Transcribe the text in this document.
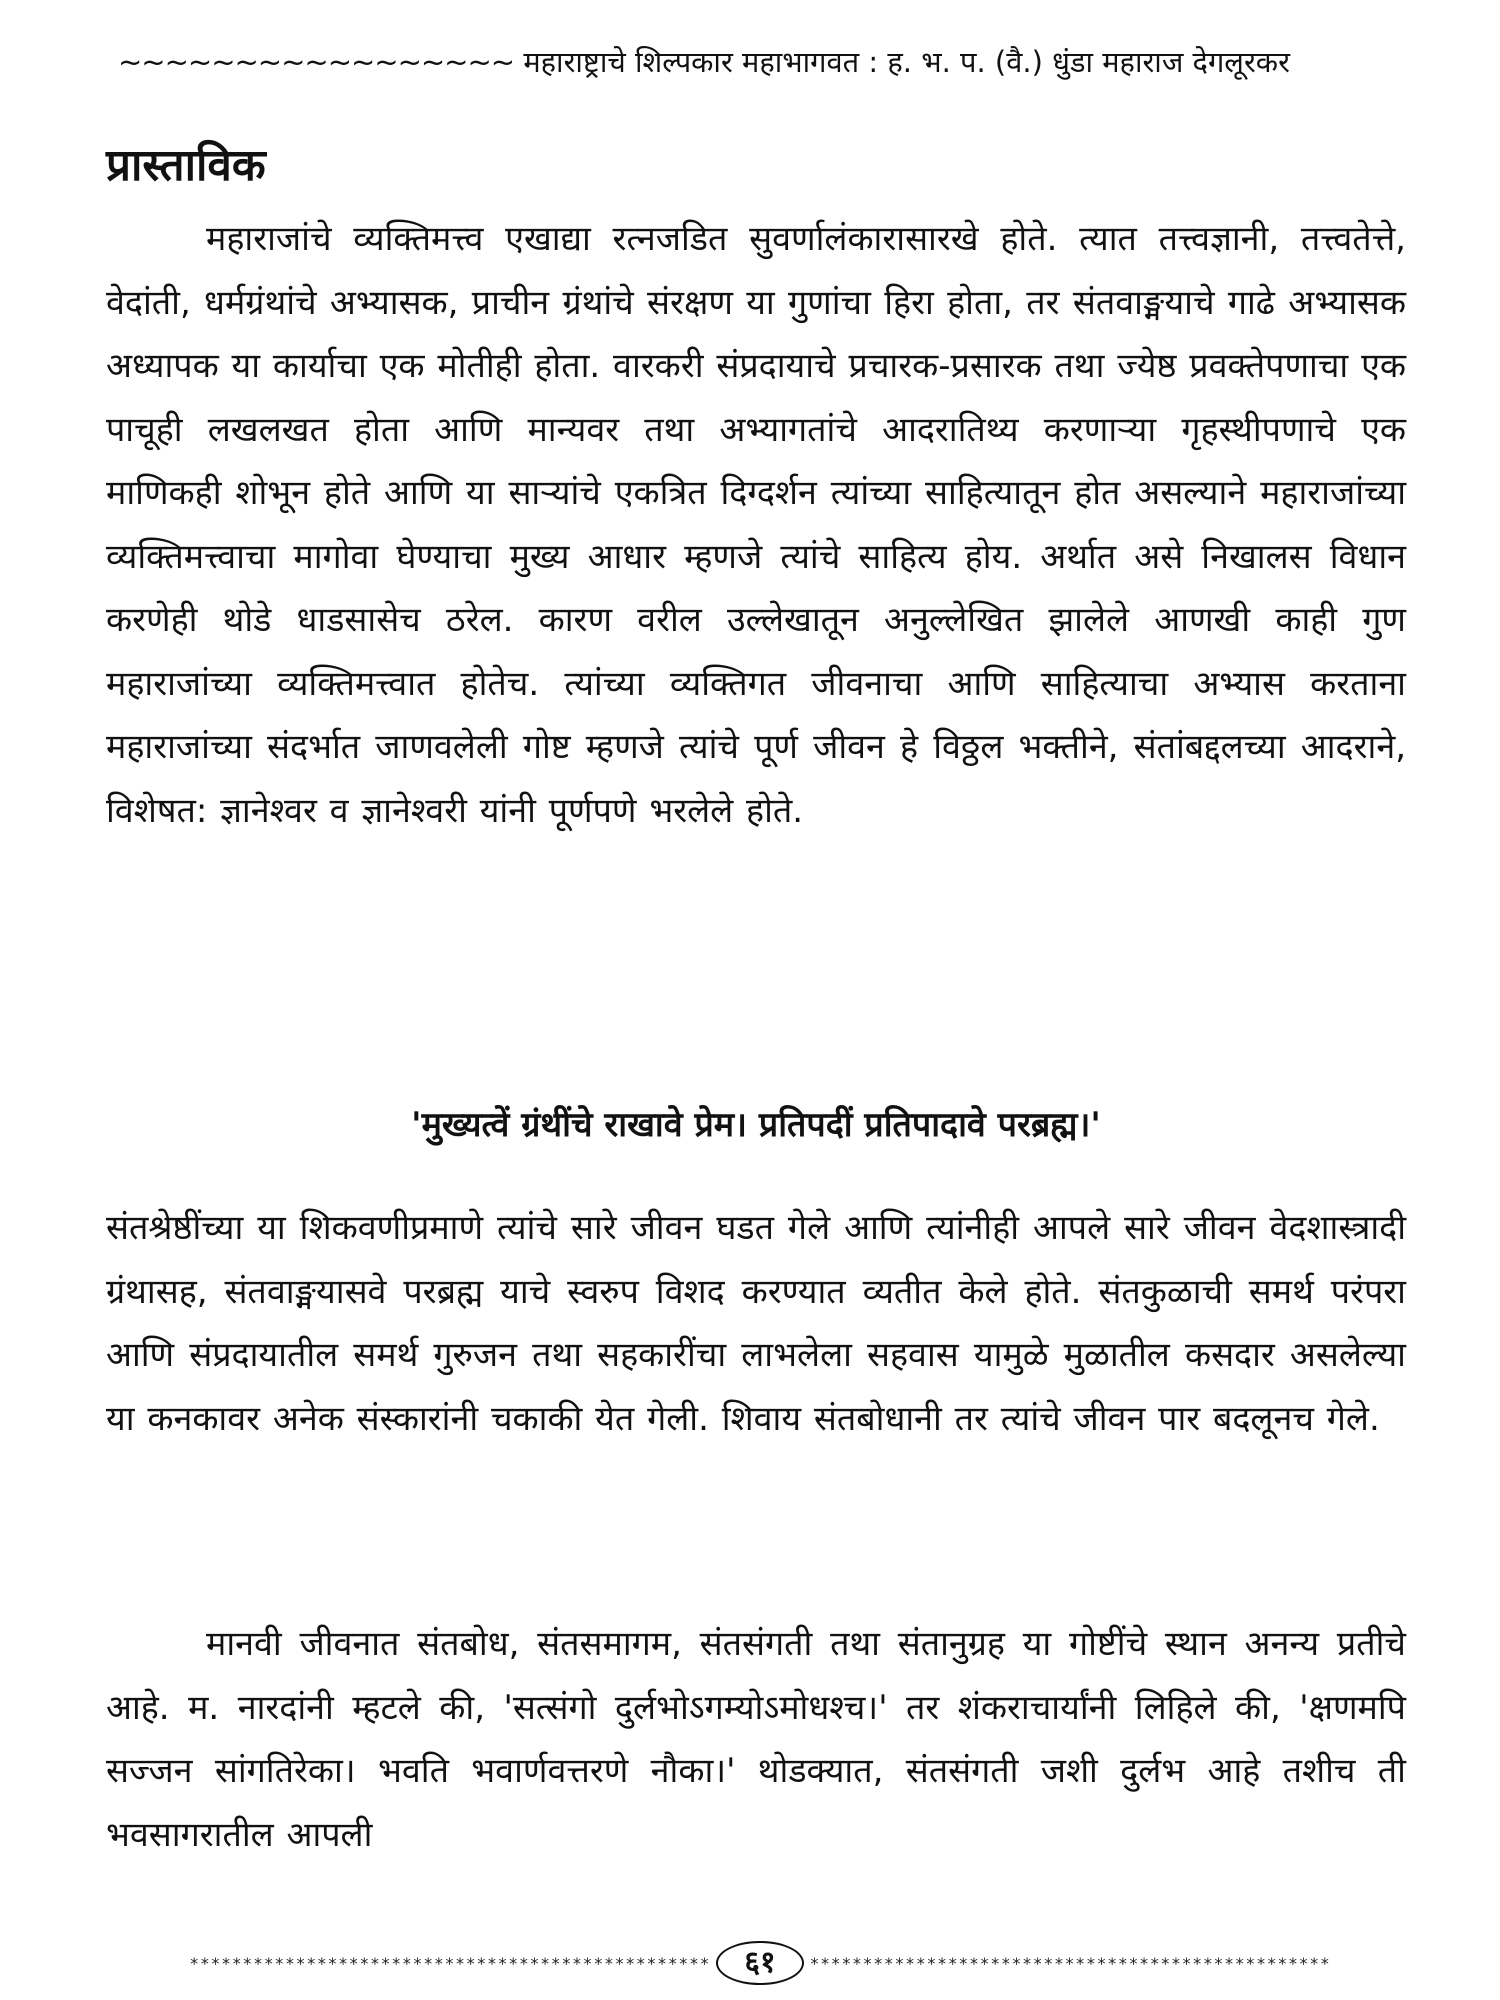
~~~~~~~~~~~~~~~~~ महाराष्ट्राचे शिल्पकार महाभागवत : ह. भ. प. (वै.) धुंडा महाराज देगलूरकर
प्रास्ताविक

महाराजांचे व्यक्तिमत्त्व एखाद्या रत्नजडित सुवर्णालंकारासारखे होते. त्यात तत्त्वज्ञानी, तत्त्वतेत्ते, वेदांती, धर्मग्रंथांचे अभ्यासक, प्राचीन ग्रंथांचे संरक्षण या गुणांचा हिरा होता, तर संतवाङ्मयाचे गाढे अभ्यासक अध्यापक या कार्याचा एक मोतीही होता. वारकरी संप्रदायाचे प्रचारक-प्रसारक तथा ज्येष्ठ प्रवक्तेपणाचा एक पाचूही लखलखत होता आणि मान्यवर तथा अभ्यागतांचे आदरातिथ्य करणाऱ्या गृहस्थीपणाचे एक माणिकही शोभून होते आणि या साऱ्यांचे एकत्रित दिग्दर्शन त्यांच्या साहित्यातून होत असल्याने महाराजांच्या व्यक्तिमत्त्वाचा मागोवा घेण्याचा मुख्य आधार म्हणजे त्यांचे साहित्य होय. अर्थात असे निखालस विधान करणेही थोडे धाडसासेच ठरेल. कारण वरील उल्लेखातून अनुल्लेखित झालेले आणखी काही गुण महाराजांच्या व्यक्तिमत्त्वात होतेच. त्यांच्या व्यक्तिगत जीवनाचा आणि साहित्याचा अभ्यास करताना महाराजांच्या संदर्भात जाणवलेली गोष्ट म्हणजे त्यांचे पूर्ण जीवन हे विठ्ठल भक्तीने, संतांबद्दलच्या आदराने, विशेषत: ज्ञानेश्वर व ज्ञानेश्वरी यांनी पूर्णपणे भरलेले होते.

'मुख्यत्वें ग्रंथींचे राखावे प्रेम। प्रतिपदीं प्रतिपादावे परब्रह्म।'

संतश्रेष्ठींच्या या शिकवणीप्रमाणे त्यांचे सारे जीवन घडत गेले आणि त्यांनीही आपले सारे जीवन वेदशास्त्रादी ग्रंथासह, संतवाङ्मयासवे परब्रह्म याचे स्वरुप विशद करण्यात व्यतीत केले होते. संतकुळाची समर्थ परंपरा आणि संप्रदायातील समर्थ गुरुजन तथा सहकारींचा लाभलेला सहवास यामुळे मुळातील कसदार असलेल्या या कनकावर अनेक संस्कारांनी चकाकी येत गेली. शिवाय संतबोधानी तर त्यांचे जीवन पार बदलूनच गेले.

मानवी जीवनात संतबोध, संतसमागम, संतसंगती तथा संतानुग्रह या गोष्टींचे स्थान अनन्य प्रतीचे आहे. म. नारदांनी म्हटले की, 'सत्संगो दुर्लभोऽगम्योऽमोधश्च।' तर शंकराचार्यांनी लिहिले की, 'क्षणमपि सज्जन सांगतिरेका। भवति भवार्णवत्तरणे नौका।' थोडक्यात, संतसंगती जशी दुर्लभ आहे तशीच ती भवसागरातील आपली

*************************************************	६१	*************************************************
